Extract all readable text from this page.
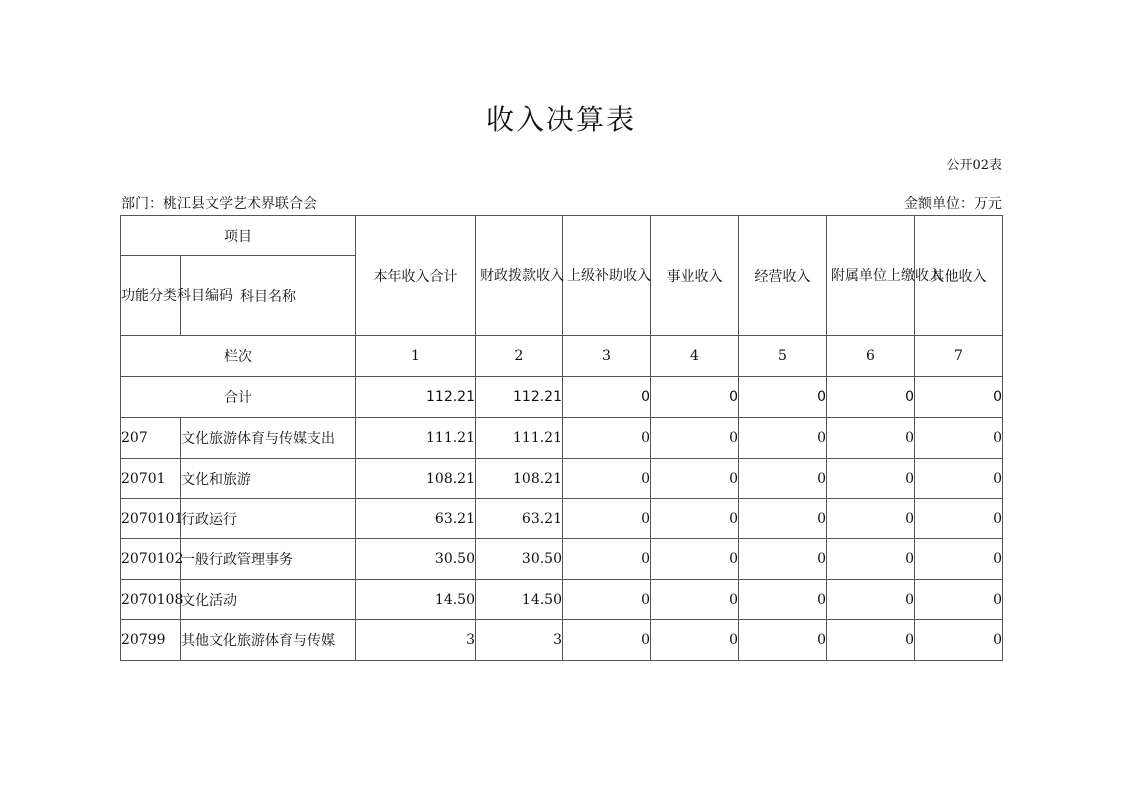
收入决算表
公开02表
部门：桃江县文学艺术界联合会	金额单位：万元
项目		本年收入合计	财政拨款收入	上级补助收入	事业收入	经营收入	附属单位上缴收入	其他收入
功能分类科目编码	科目名称							

栏次		1	2	3	4	5	6	7
合计		112.21	112.21	0	0	0	0	0
207	文化旅游体育与传媒支出	111.21	111.21	0	0	0	0	0
20701	文化和旅游	108.21	108.21	0	0	0	0	0
2070101	行政运行	63.21	63.21	0	0	0	0	0
2070102	一般行政管理事务	30.50	30.50	0	0	0	0	0
2070108	文化活动	14.50	14.50	0	0	0	0	0
20799	其他文化旅游体育与传媒	3	3	0	0	0	0	0
